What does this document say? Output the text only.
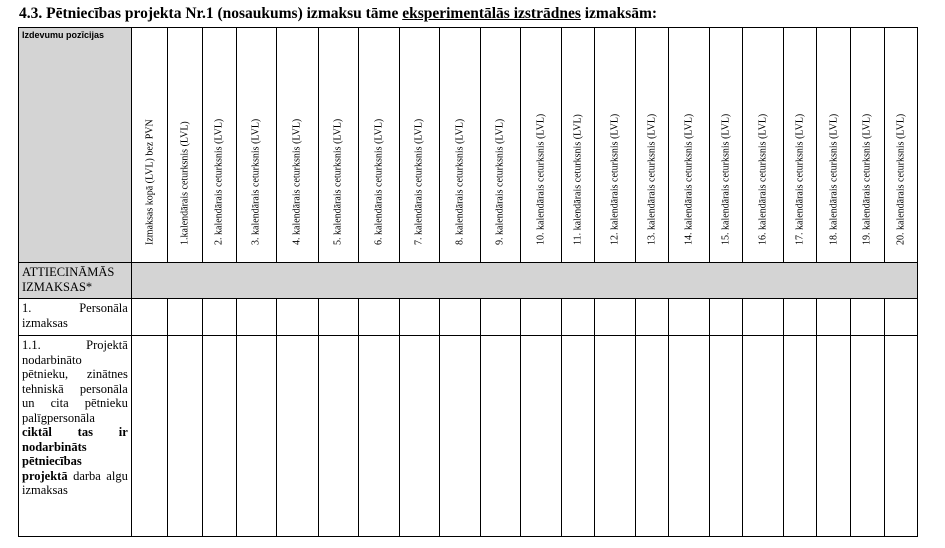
4.3. Pētniecības projekta Nr.1 (nosaukums) izmaksu tāme eksperimentālās izstrādnes izmaksām:
Izdevumu pozīcijas	Izmaksas kopā (LVL) bez PVN	1.kalendārais ceturksnis (LVL)	2. kalendārais ceturksnis (LVL)	3. kalendārais ceturksnis (LVL)	4. kalendārais ceturksnis (LVL)	5. kalendārais ceturksnis (LVL)	6. kalendārais ceturksnis (LVL)	7. kalendārais ceturksnis (LVL)	8. kalendārais ceturksnis (LVL)	9. kalendārais ceturksnis (LVL)	10. kalendārais ceturksnis (LVL)	11. kalendārais ceturksnis (LVL)	12. kalendārais ceturksnis (LVL)	13. kalendārais ceturksnis (LVL)	14. kalendārais ceturksnis (LVL)	15. kalendārais ceturksnis (LVL)	16. kalendārais ceturksnis (LVL)	17. kalendārais ceturksnis (LVL)	18. kalendārais ceturksnis (LVL)	19. kalendārais ceturksnis (LVL)	20. kalendārais ceturksnis (LVL)

ATTIECINĀMĀS IZMAKSAS*																					
1. Personāla izmaksas																					
1.1. Projektā nodarbināto pētnieku, zinātnes tehniskā personāla un cita pētnieku palīgpersonāla ciktāl tas ir nodarbināts pētniecības projektā darba algu izmaksas																					
